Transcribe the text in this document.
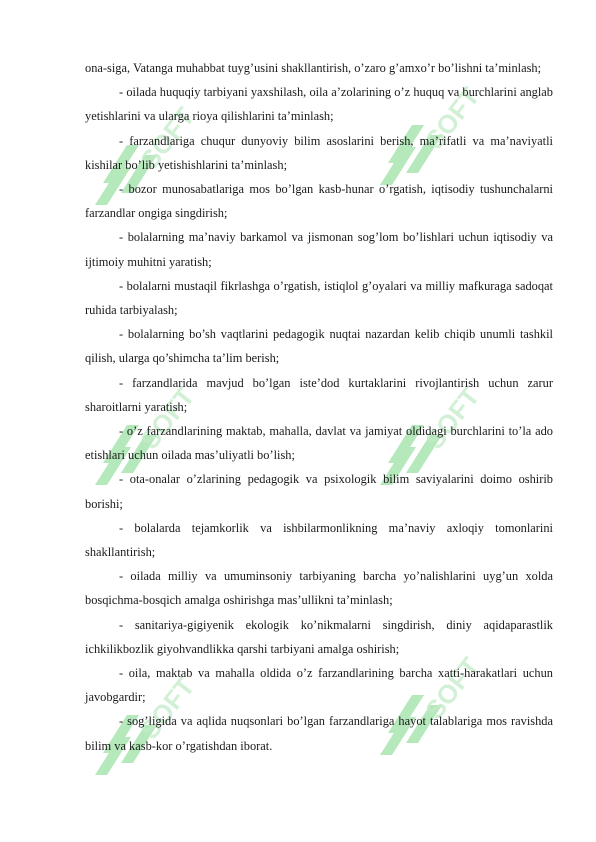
ona-siga, Vatanga muhabbat tuyg’usini shakllantirish, o’zaro g’amxo’r bo’lishni ta’minlash;

- oilada huquqiy tarbiyani yaxshilash, oila a’zolarining o’z huquq va burchlarini anglab yetishlarini va ularga rioya qilishlarini ta’minlash;

- farzandlariga chuqur dunyoviy bilim asoslarini berish, ma’rifatli va ma’naviyatli kishilar bo’lib yetishishlarini ta’minlash;

- bozor munosabatlariga mos bo’lgan kasb-hunar o’rgatish, iqtisodiy tushunchalarni farzandlar ongiga singdirish;

- bolalarning ma’naviy barkamol va jismonan sog’lom bo’lishlari uchun iqtisodiy va ijtimoiy muhitni yaratish;

- bolalarni mustaqil fikrlashga o’rgatish, istiqlol g’oyalari va milliy mafkuraga sadoqat ruhida tarbiyalash;

- bolalarning bo’sh vaqtlarini pedagogik nuqtai nazardan kelib chiqib unumli tashkil qilish, ularga qo’shimcha ta’lim berish;

- farzandlarida mavjud bo’lgan iste’dod kurtaklarini rivojlantirish uchun zarur sharoitlarni yaratish;

- o’z farzandlarining maktab, mahalla, davlat va jamiyat oldidagi burchlarini to’la ado etishlari uchun oilada mas’uliyatli bo’lish;

- ota-onalar o’zlarining pedagogik va psixologik bilim saviyalarini doimo oshirib borishi;

- bolalarda tejamkorlik va ishbilarmonlikning ma’naviy axloqiy tomonlarini shakllantirish;

- oilada milliy va umuminsoniy tarbiyaning barcha yo’nalishlarini uyg’un xolda bosqichma-bosqich amalga oshirishga mas’ullikni ta’minlash;

- sanitariya-gigiyenik ekologik ko’nikmalarni singdirish, diniy aqidaparastlik ichkilikbozlik giyohvandlikka qarshi tarbiyani amalga oshirish;

- oila, maktab va mahalla oldida o’z farzandlarining barcha xatti-harakatlari uchun javobgardir;

- sog’ligida va aqlida nuqsonlari bo’lgan farzandlariga hayot talablariga mos ravishda bilim va kasb-kor o’rgatishdan iborat.
